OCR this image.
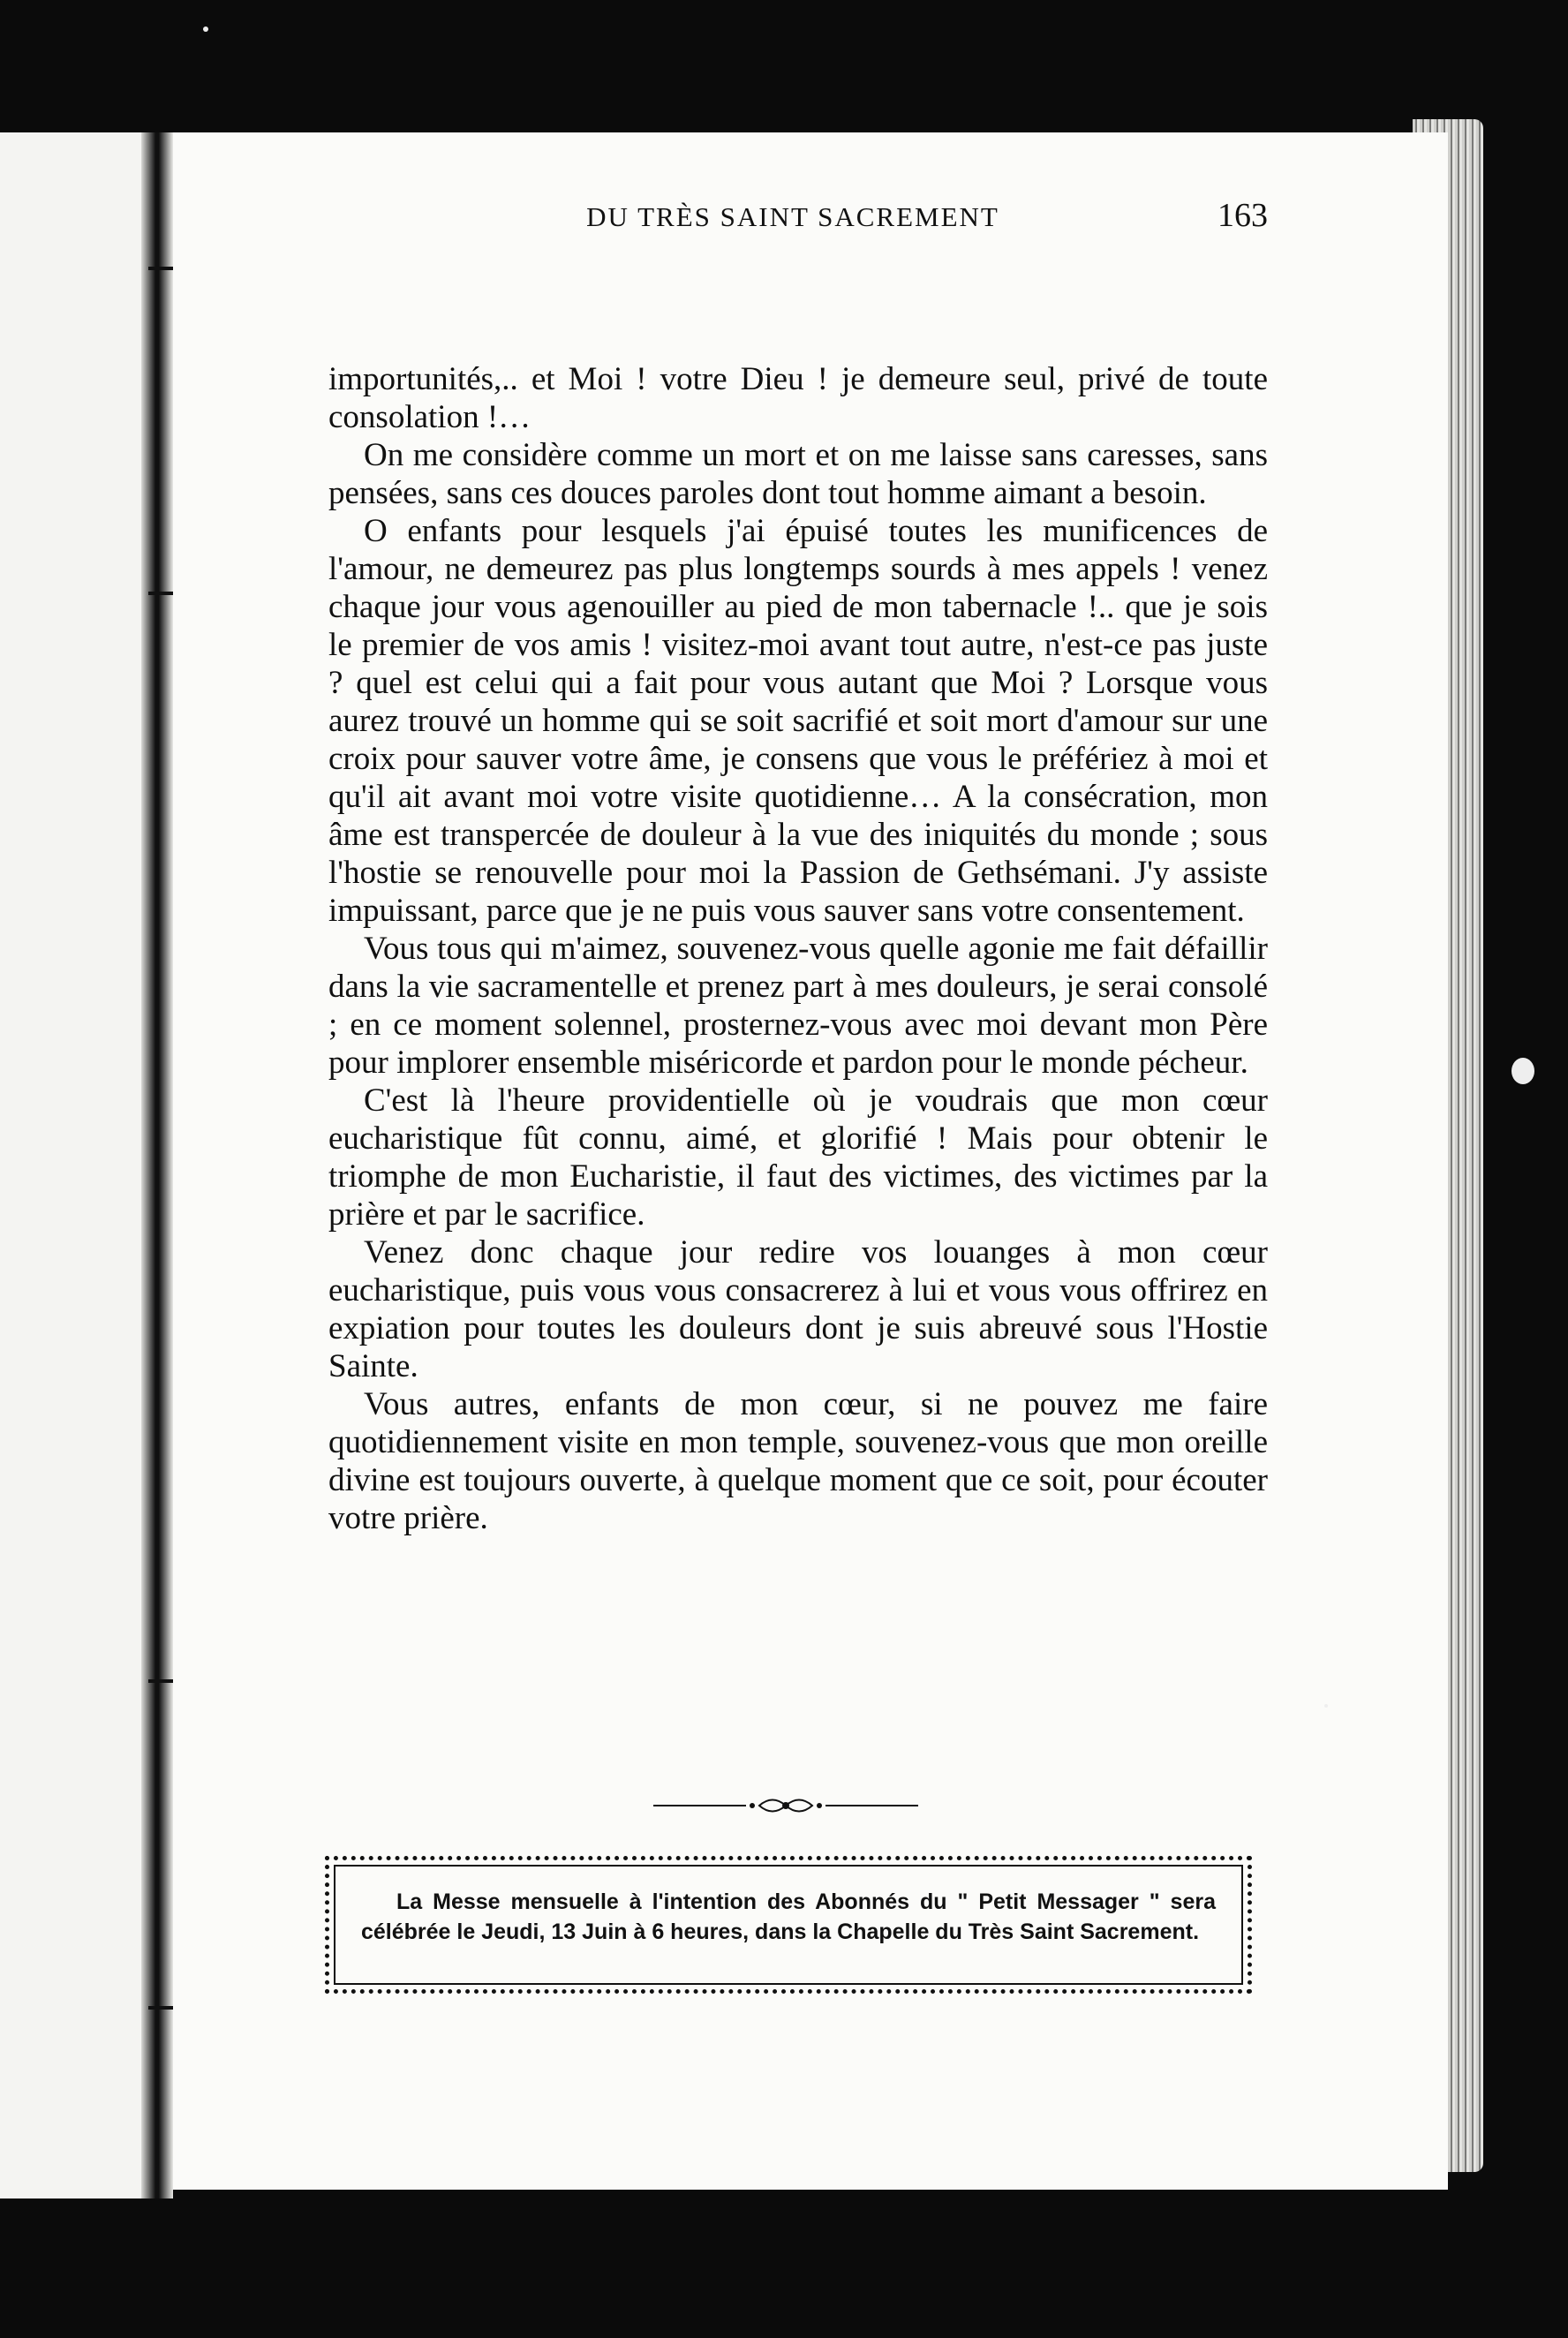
DU TRÈS SAINT SACREMENT	163

importunités,.. et Moi ! votre Dieu ! je demeure seul, privé de toute consolation !…

On me considère comme un mort et on me laisse sans caresses, sans pensées, sans ces douces paroles dont tout homme aimant a besoin.

O enfants pour lesquels j'ai épuisé toutes les munificences de l'amour, ne demeurez pas plus longtemps sourds à mes appels ! venez chaque jour vous agenouiller au pied de mon tabernacle !.. que je sois le premier de vos amis ! visitez-moi avant tout autre, n'est-ce pas juste ? quel est celui qui a fait pour vous autant que Moi ? Lorsque vous aurez trouvé un homme qui se soit sacrifié et soit mort d'amour sur une croix pour sauver votre âme, je consens que vous le préfériez à moi et qu'il ait avant moi votre visite quotidienne… A la consécration, mon âme est transpercée de douleur à la vue des iniquités du monde ; sous l'hostie se renouvelle pour moi la Passion de Gethsémani. J'y assiste impuissant, parce que je ne puis vous sauver sans votre consentement.

Vous tous qui m'aimez, souvenez-vous quelle agonie me fait défaillir dans la vie sacramentelle et prenez part à mes douleurs, je serai consolé ; en ce moment solennel, prosternez-vous avec moi devant mon Père pour implorer ensemble miséricorde et pardon pour le monde pécheur.

C'est là l'heure providentielle où je voudrais que mon cœur eucharistique fût connu, aimé, et glorifié ! Mais pour obtenir le triomphe de mon Eucharistie, il faut des victimes, des victimes par la prière et par le sacrifice.

Venez donc chaque jour redire vos louanges à mon cœur eucharistique, puis vous vous consacrerez à lui et vous vous offrirez en expiation pour toutes les douleurs dont je suis abreuvé sous l'Hostie Sainte.

Vous autres, enfants de mon cœur, si ne pouvez me faire quotidiennement visite en mon temple, souvenez-vous que mon oreille divine est toujours ouverte, à quelque moment que ce soit, pour écouter votre prière.

La Messe mensuelle à l'intention des Abonnés du " Petit Messager " sera célébrée le Jeudi, 13 Juin à 6 heures, dans la Chapelle du Très Saint Sacrement.
